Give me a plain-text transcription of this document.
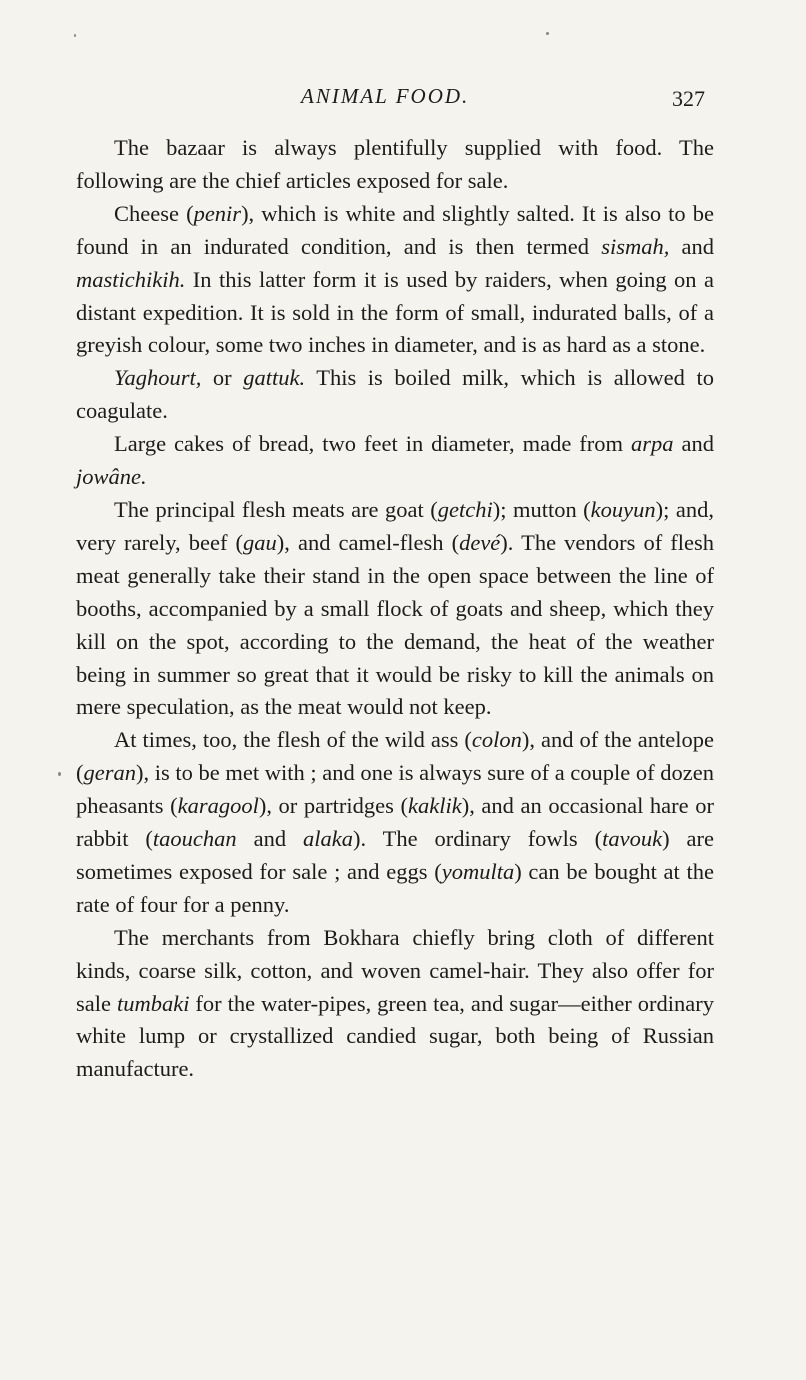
ANIMAL FOOD.	327

The bazaar is always plentifully supplied with food. The following are the chief articles exposed for sale.

Cheese (penir), which is white and slightly salted. It is also to be found in an indurated condition, and is then termed sismah, and mastichikih. In this latter form it is used by raiders, when going on a distant expedition. It is sold in the form of small, indurated balls, of a greyish colour, some two inches in diameter, and is as hard as a stone.

Yaghourt, or gattuk. This is boiled milk, which is allowed to coagulate.

Large cakes of bread, two feet in diameter, made from arpa and jowâne.

The principal flesh meats are goat (getchi); mutton (kouyun); and, very rarely, beef (gau), and camel-flesh (devé). The vendors of flesh meat generally take their stand in the open space between the line of booths, accompanied by a small flock of goats and sheep, which they kill on the spot, according to the demand, the heat of the weather being in summer so great that it would be risky to kill the animals on mere speculation, as the meat would not keep.

At times, too, the flesh of the wild ass (colon), and of the antelope (geran), is to be met with ; and one is always sure of a couple of dozen pheasants (karagool), or partridges (kaklik), and an occasional hare or rabbit (taouchan and alaka). The ordinary fowls (tavouk) are sometimes exposed for sale ; and eggs (yomulta) can be bought at the rate of four for a penny.

The merchants from Bokhara chiefly bring cloth of different kinds, coarse silk, cotton, and woven camel-hair. They also offer for sale tumbaki for the water-pipes, green tea, and sugar—either ordinary white lump or crystallized candied sugar, both being of Russian manufacture.
